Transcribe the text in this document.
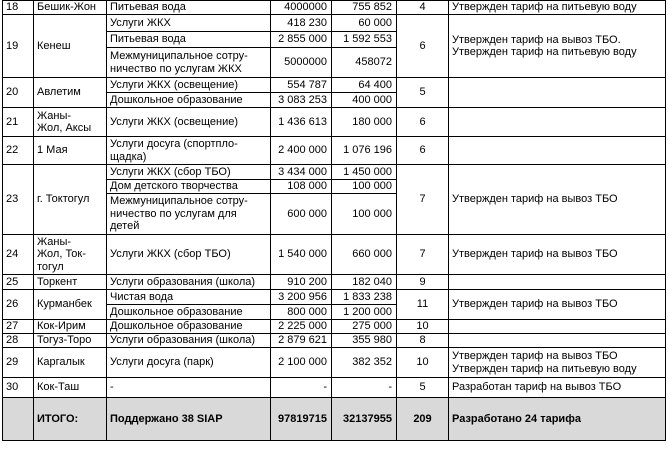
18	Бешик-Жон	Питьевая вода	4000000	755 852	4	Утвержден тариф на питьевую воду
19	Кенеш	Услуги ЖКХ	418 230	60 000	6	Утвержден тариф на вывоз ТБО.
Утвержден тариф на питьевую воду
		Питьевая вода	2 855 000	1 592 553		
		Межмуниципальное сотру-
ничество по услугам ЖКХ	5000000	458072		
20	Авлетим	Услуги ЖКХ (освещение)	554 787	64 400	5	
		Дошкольное образование	3 083 253	400 000		
21	Жаны-
Жол, Аксы	Услуги ЖКХ (освещение)	1 436 613	180 000	6	
22	1 Мая	Услуги досуга (спортпло-
щадка)	2 400 000	1 076 196	6	
23	г. Токтогул	Услуги ЖКХ (сбор ТБО)	3 434 000	1 450 000	7	Утвержден тариф на вывоз ТБО
		Дом детского творчества	108 000	100 000		
		Межмуниципальное сотру-
ничество по услугам для
детей	600 000	100 000		
24	Жаны-
Жол, Ток-
тогул	Услуги ЖКХ (сбор ТБО)	1 540 000	660 000	7	Утвержден тариф на вывоз ТБО
25	Торкент	Услуги образования (школа)	910 200	182 040	9	
26	Курманбек	Чистая вода	3 200 956	1 833 238	11	Утвержден тариф на вывоз ТБО
		Дошкольное образование	800 000	1 200 000		
27	Кок-Ирим	Дошкольное образование	2 225 000	275 000	10	
28	Тогуз-Торо	Услуги образования (школа)	2 879 621	355 980	8	
29	Каргалык	Услуги досуга (парк)	2 100 000	382 352	10	Утвержден тариф на вывоз ТБО
Утвержден тариф на питьевую воду
30	Кок-Таш	-	-	-	5	Разработан тариф на вывоз ТБО
	ИТОГО:	Поддержано 38 SIAP	97819715	32137955	209	Разработано 24 тарифа
